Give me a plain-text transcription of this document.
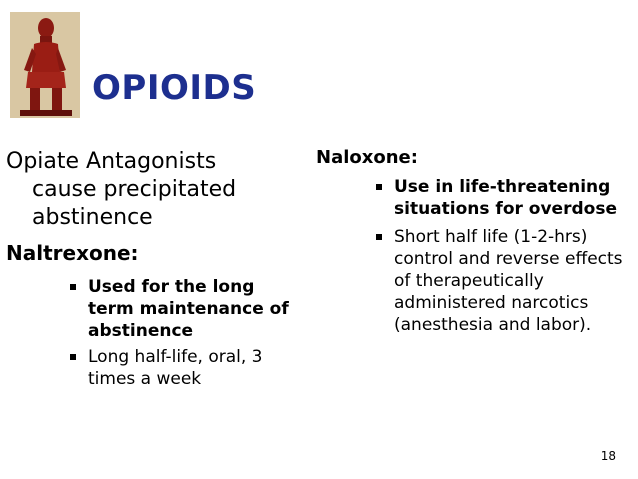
OPIOIDS

Opiate Antagonists
cause precipitated
abstinence

Naltrexone:
Used for the long term maintenance of abstinence
Long half-life, oral, 3 times a week
Naloxone:
Use in life-threatening situations for overdose
Short half life (1-2-hrs) control and reverse effects of therapeutically administered narcotics (anesthesia and labor).
18
